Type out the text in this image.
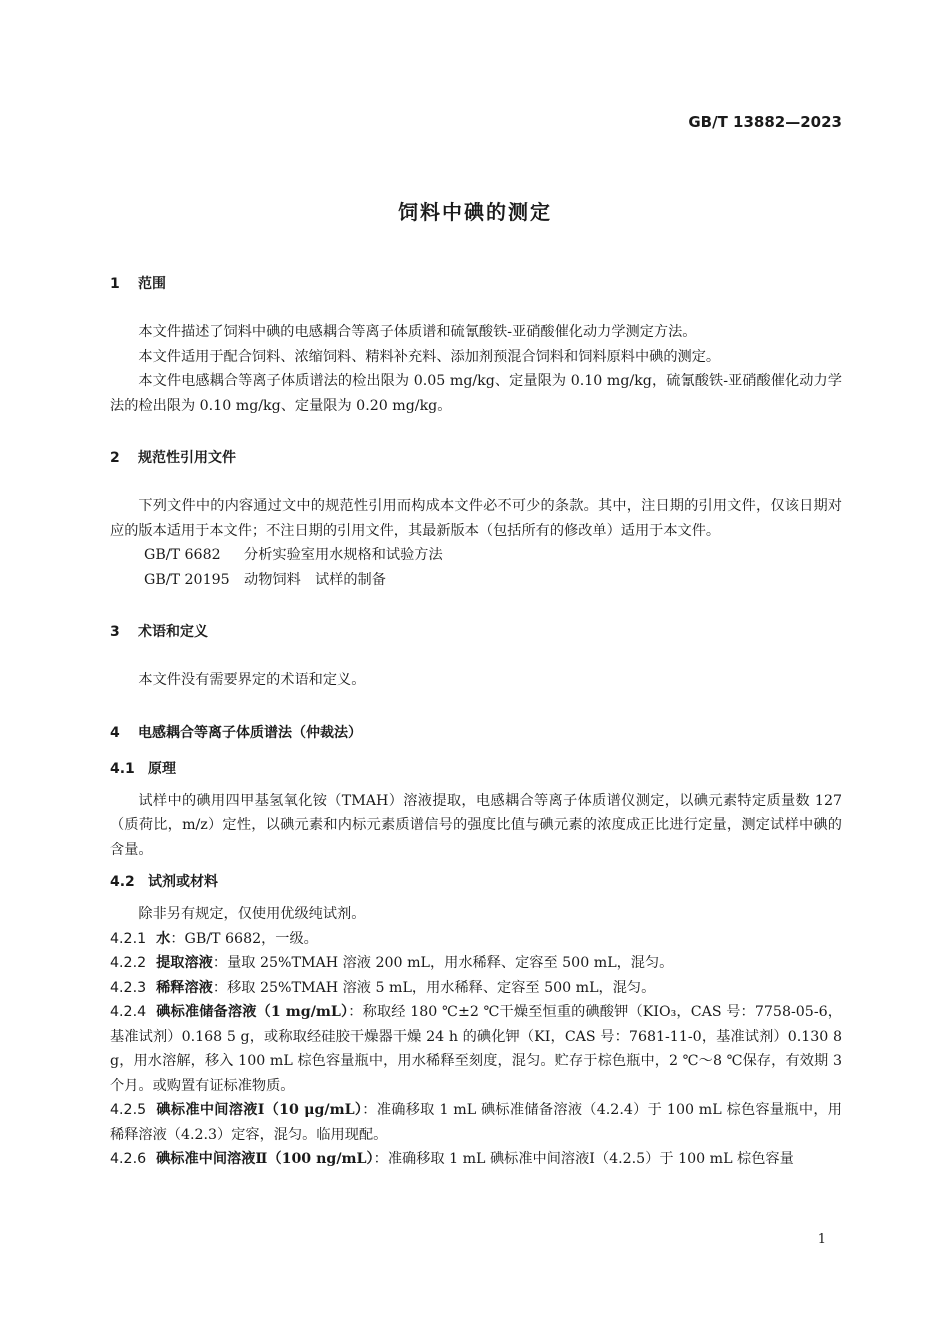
GB/T 13882—2023
饲料中碘的测定
1 范围

本文件描述了饲料中碘的电感耦合等离子体质谱和硫氰酸铁-亚硝酸催化动力学测定方法。

本文件适用于配合饲料、浓缩饲料、精料补充料、添加剂预混合饲料和饲料原料中碘的测定。

本文件电感耦合等离子体质谱法的检出限为 0.05 mg/kg、定量限为 0.10 mg/kg，硫氰酸铁-亚硝酸催化动力学法的检出限为 0.10 mg/kg、定量限为 0.20 mg/kg。

2 规范性引用文件

下列文件中的内容通过文中的规范性引用而构成本文件必不可少的条款。其中，注日期的引用文件，仅该日期对应的版本适用于本文件；不注日期的引用文件，其最新版本（包括所有的修改单）适用于本文件。

GB/T 6682 分析实验室用水规格和试验方法

GB/T 20195 动物饲料　试样的制备

3 术语和定义

本文件没有需要界定的术语和定义。

4 电感耦合等离子体质谱法（仲裁法）
4.1 原理

试样中的碘用四甲基氢氧化铵（TMAH）溶液提取，电感耦合等离子体质谱仪测定，以碘元素特定质量数 127（质荷比，m/z）定性，以碘元素和内标元素质谱信号的强度比值与碘元素的浓度成正比进行定量，测定试样中碘的含量。

4.2 试剂或材料

除非另有规定，仅使用优级纯试剂。

4.2.1 水：GB/T 6682，一级。

4.2.2 提取溶液：量取 25%TMAH 溶液 200 mL，用水稀释、定容至 500 mL，混匀。

4.2.3 稀释溶液：移取 25%TMAH 溶液 5 mL，用水稀释、定容至 500 mL，混匀。

4.2.4 碘标准储备溶液（1 mg/mL）：称取经 180 ℃±2 ℃干燥至恒重的碘酸钾（KIO₃，CAS 号：7758-05-6，基准试剂）0.168 5 g，或称取经硅胶干燥器干燥 24 h 的碘化钾（KI，CAS 号：7681-11-0，基准试剂）0.130 8 g，用水溶解，移入 100 mL 棕色容量瓶中，用水稀释至刻度，混匀。贮存于棕色瓶中，2 ℃～8 ℃保存，有效期 3 个月。或购置有证标准物质。

4.2.5 碘标准中间溶液Ⅰ（10 μg/mL）：准确移取 1 mL 碘标准储备溶液（4.2.4）于 100 mL 棕色容量瓶中，用稀释溶液（4.2.3）定容，混匀。临用现配。

4.2.6 碘标准中间溶液Ⅱ（100 ng/mL）：准确移取 1 mL 碘标准中间溶液Ⅰ（4.2.5）于 100 mL 棕色容量

1
